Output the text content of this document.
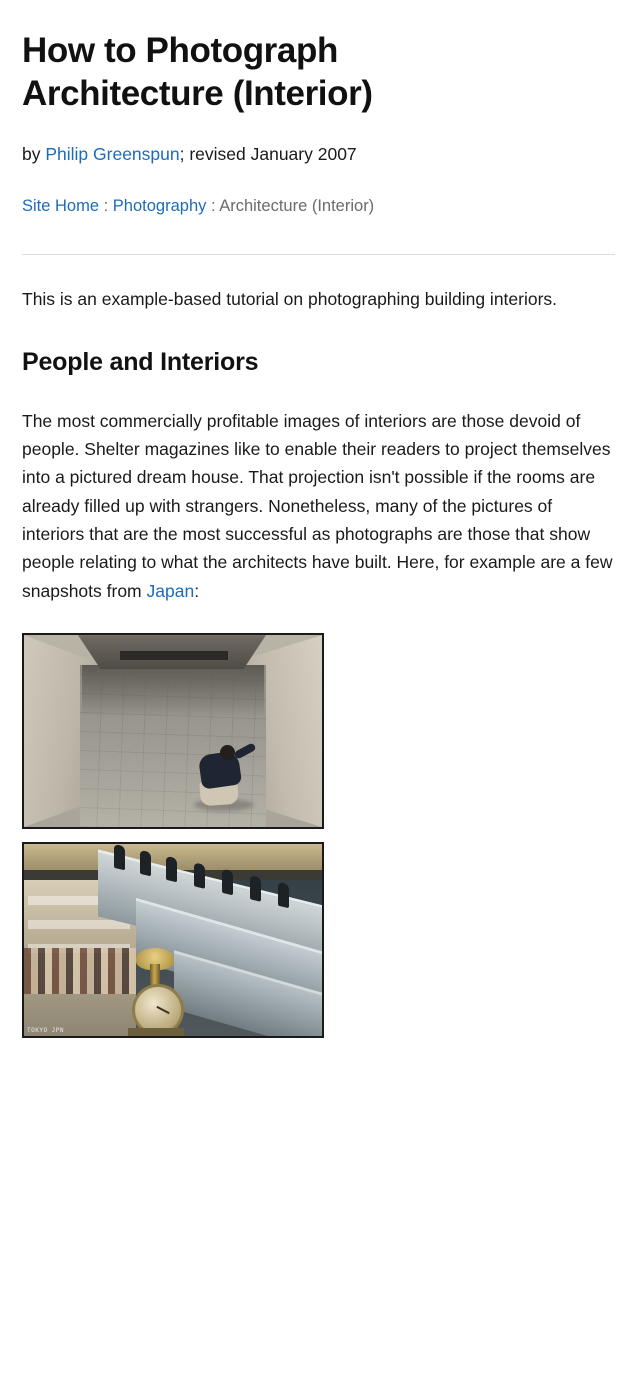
How to Photograph Architecture (Interior)

by Philip Greenspun; revised January 2007

Site Home : Photography : Architecture (Interior)

This is an example-based tutorial on photographing building interiors.

People and Interiors

The most commercially profitable images of interiors are those devoid of people. Shelter magazines like to enable their readers to project themselves into a pictured dream house. That projection isn't possible if the rooms are already filled up with strangers. Nonetheless, many of the pictures of interiors that are the most successful as photographs are those that show people relating to what the architects have built. Here, for example are a few snapshots from Japan:

TOKYO JPN
